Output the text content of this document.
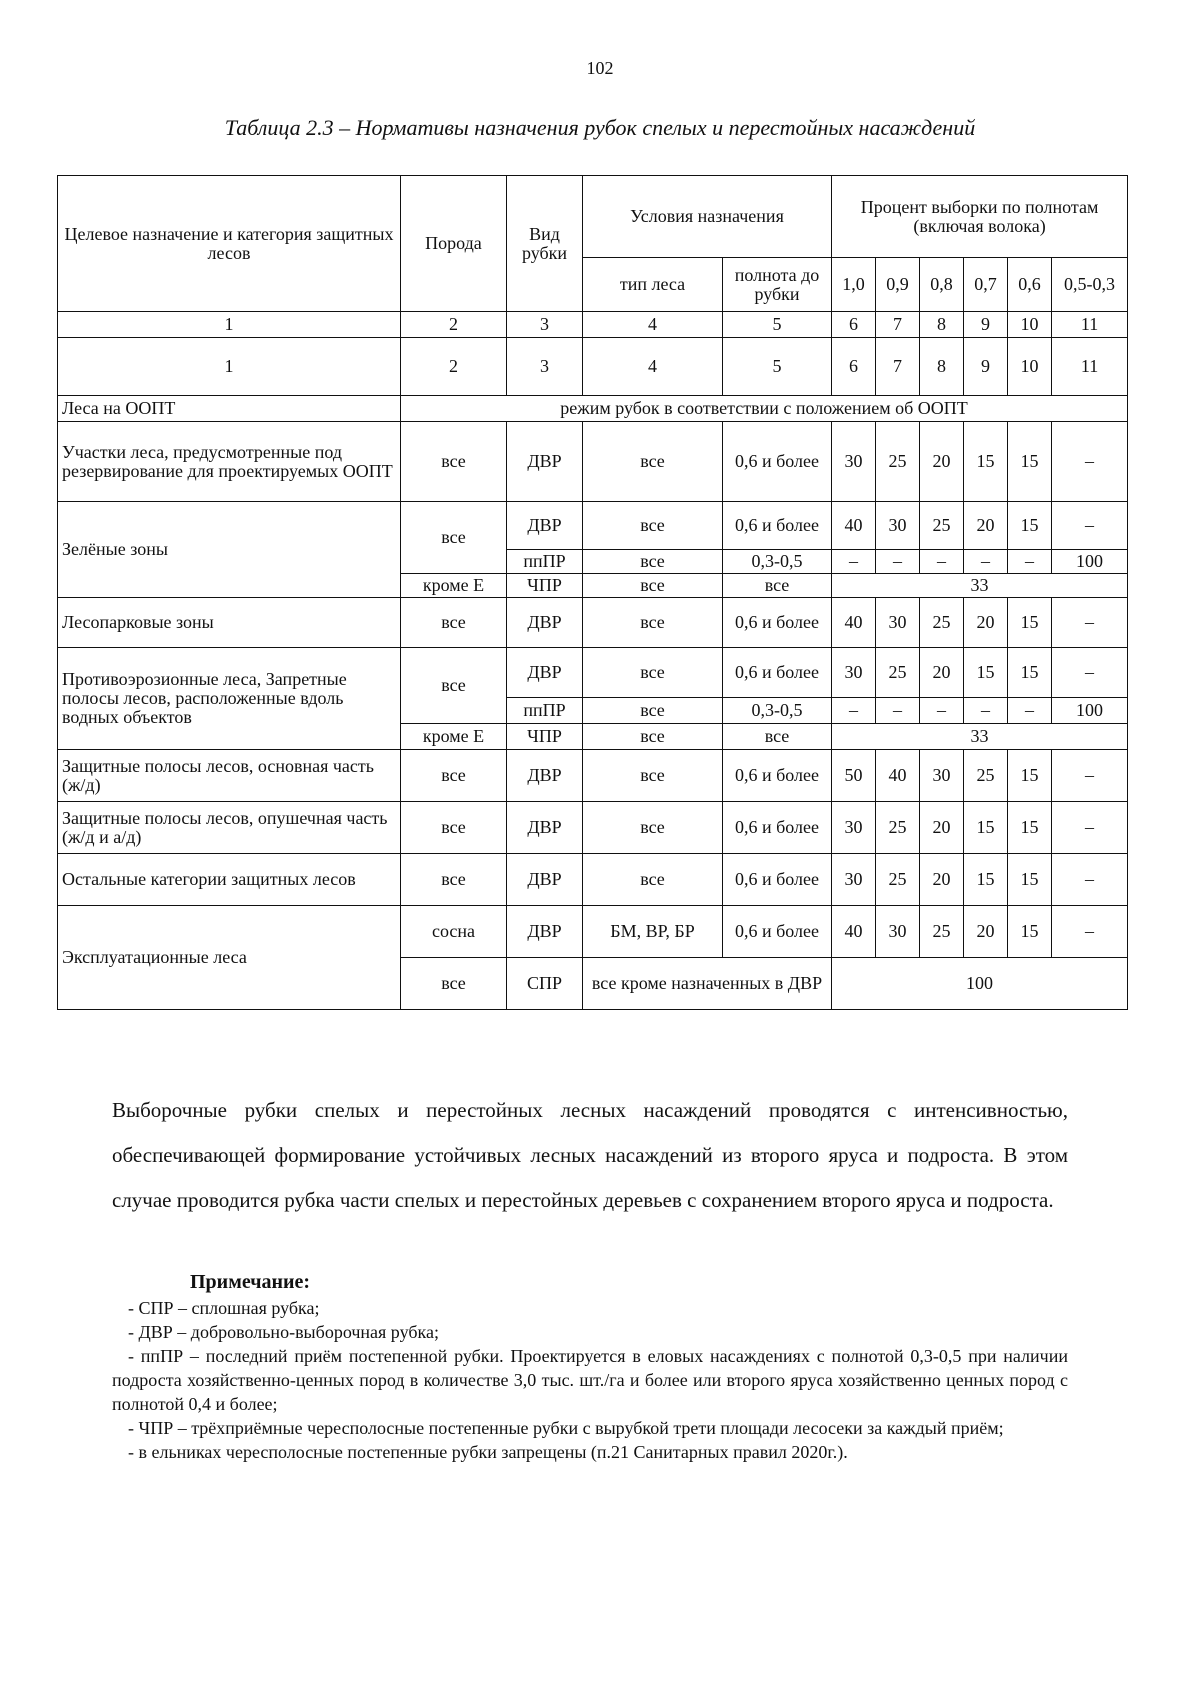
102
Таблица 2.3 – Нормативы назначения рубок спелых и перестойных насаждений
Целевое назначение и категория защитных лесов	Порода	Вид рубки	Условия назначения		Процент выборки по полнотам (включая волока)					
			тип леса	полнота до рубки	1,0	0,9	0,8	0,7	0,6	0,5-0,3
1	2	3	4	5	6	7	8	9	10	11
1	2	3	4	5	6	7	8	9	10	11
Леса на ООПТ	режим рубок в соответствии с положением об ООПТ									
Участки леса, предусмотренные под резервирование для проектируемых ООПТ	все	ДВР	все	0,6 и более	30	25	20	15	15	–
Зелёные зоны	все	ДВР	все	0,6 и более	40	30	25	20	15	–
		ппПР	все	0,3-0,5	–	–	–	–	–	100
	кроме Е	ЧПР	все	все	33					
Лесопарковые зоны	все	ДВР	все	0,6 и более	40	30	25	20	15	–
Противоэрозионные леса, Запретные полосы лесов, расположенные вдоль водных объектов	все	ДВР	все	0,6 и более	30	25	20	15	15	–
		ппПР	все	0,3-0,5	–	–	–	–	–	100
	кроме Е	ЧПР	все	все	33					
Защитные полосы лесов, основная часть (ж/д)	все	ДВР	все	0,6 и более	50	40	30	25	15	–
Защитные полосы лесов, опушечная часть (ж/д и а/д)	все	ДВР	все	0,6 и более	30	25	20	15	15	–
Остальные категории защитных лесов	все	ДВР	все	0,6 и более	30	25	20	15	15	–
Эксплуатационные леса	сосна	ДВР	БМ, ВР, БР	0,6 и более	40	30	25	20	15	–
	все	СПР	все кроме назначенных в ДВР		100					

Выборочные рубки спелых и перестойных лесных насаждений проводятся с интенсивностью, обеспечивающей формирование устойчивых лесных насаждений из второго яруса и подроста. В этом случае проводится рубка части спелых и перестойных деревьев с сохранением второго яруса и подроста.

Примечание:
- СПР – сплошная рубка;
- ДВР – добровольно-выборочная рубка;
- ппПР – последний приём постепенной рубки. Проектируется в еловых насаждениях с полнотой 0,3-0,5 при наличии подроста хозяйственно-ценных пород в количестве 3,0 тыс. шт./га и более или второго яруса хозяйственно ценных пород с полнотой 0,4 и более;
- ЧПР – трёхприёмные чересполосные постепенные рубки с вырубкой трети площади лесосеки за каждый приём;
- в ельниках чересполосные постепенные рубки запрещены (п.21 Санитарных правил 2020г.).
